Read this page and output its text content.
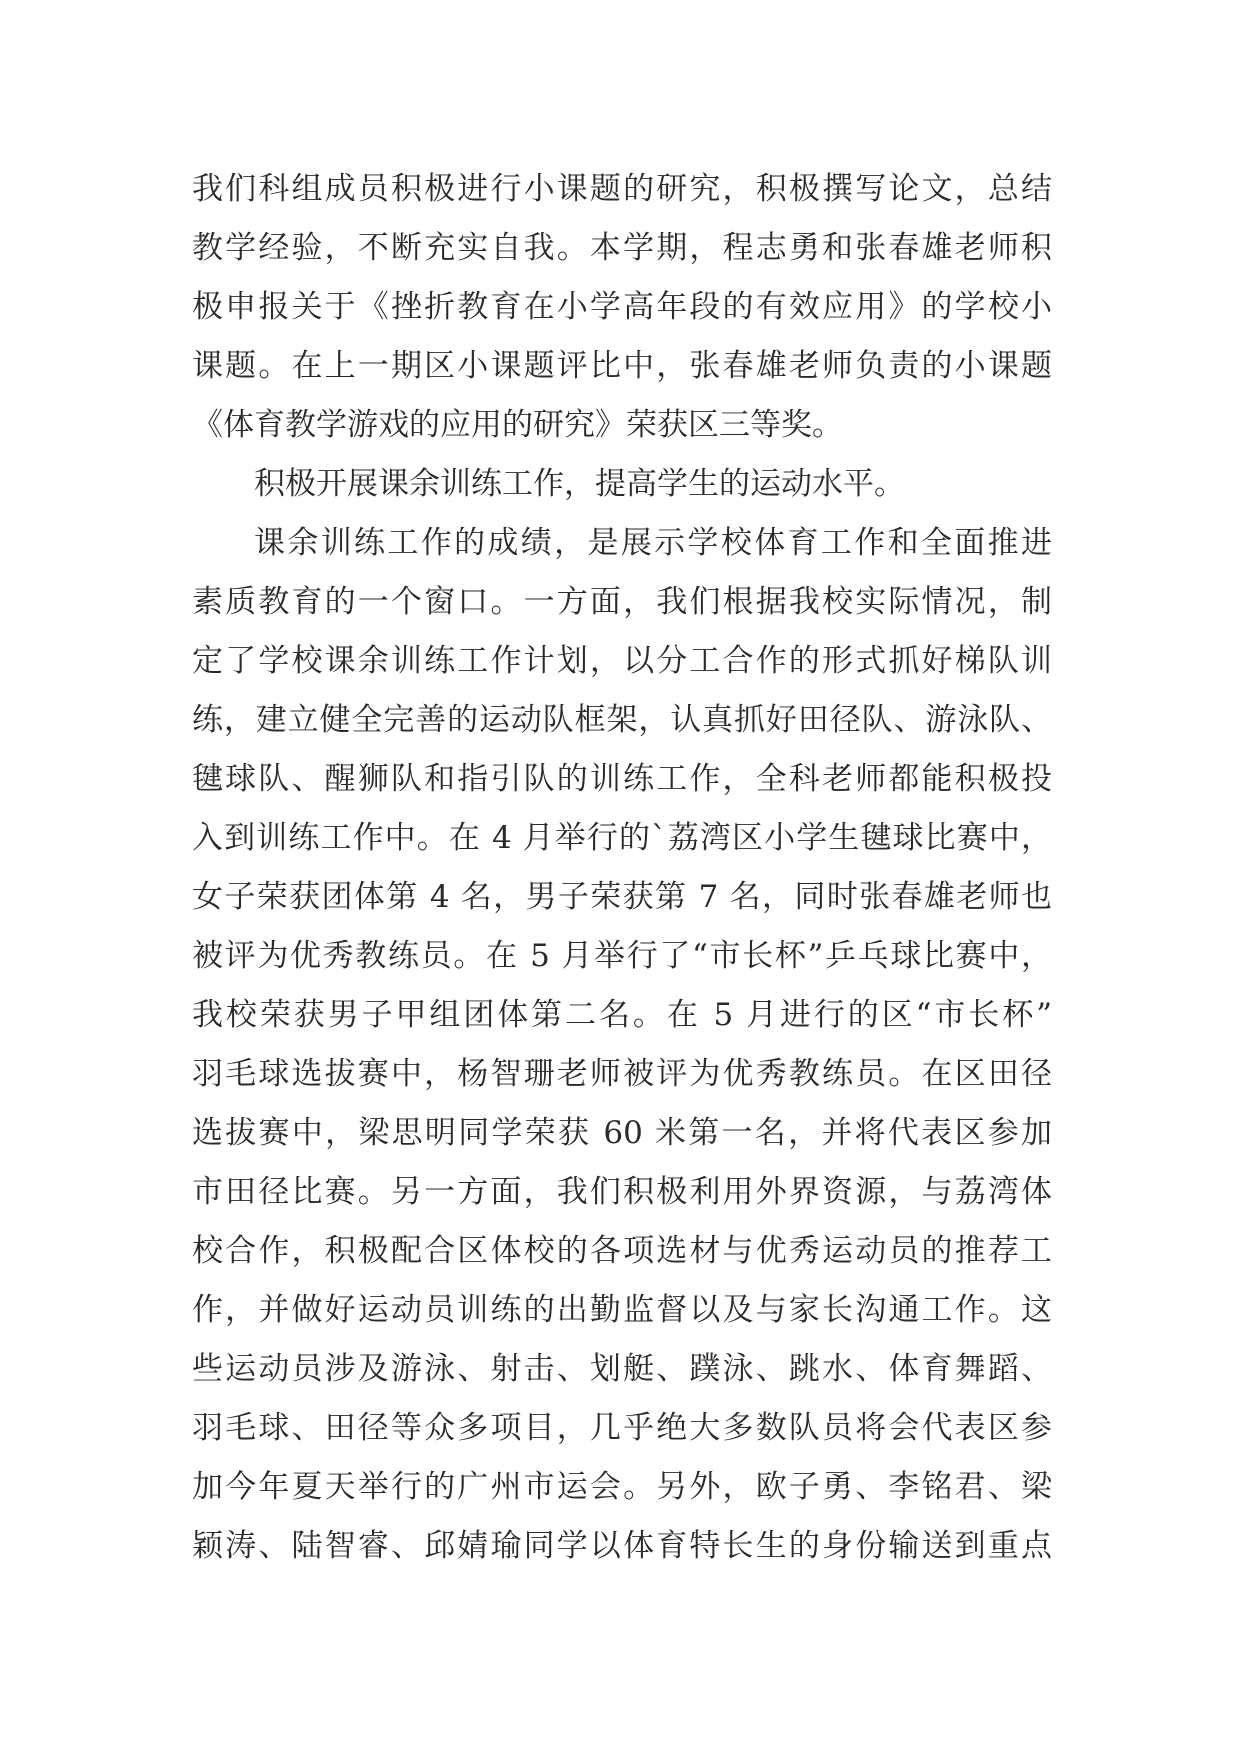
我们科组成员积极进行小课题的研究，积极撰写论文，总结
教学经验，不断充实自我。本学期，程志勇和张春雄老师积
极申报关于《挫折教育在小学高年段的有效应用》的学校小
课题。在上一期区小课题评比中，张春雄老师负责的小课题
《体育教学游戏的应用的研究》荣获区三等奖。
积极开展课余训练工作，提高学生的运动水平。
课余训练工作的成绩，是展示学校体育工作和全面推进
素质教育的一个窗口。一方面，我们根据我校实际情况，制
定了学校课余训练工作计划，以分工合作的形式抓好梯队训
练，建立健全完善的运动队框架，认真抓好田径队、游泳队、
毽球队、醒狮队和指引队的训练工作，全科老师都能积极投
入到训练工作中。在 4 月举行的`荔湾区小学生毽球比赛中，
女子荣获团体第 4 名，男子荣获第 7 名，同时张春雄老师也
被评为优秀教练员。在 5 月举行了“市长杯”乒乓球比赛中，
我校荣获男子甲组团体第二名。在 5 月进行的区“市长杯”
羽毛球选拔赛中，杨智珊老师被评为优秀教练员。在区田径
选拔赛中，梁思明同学荣获 60 米第一名，并将代表区参加
市田径比赛。另一方面，我们积极利用外界资源，与荔湾体
校合作，积极配合区体校的各项选材与优秀运动员的推荐工
作，并做好运动员训练的出勤监督以及与家长沟通工作。这
些运动员涉及游泳、射击、划艇、蹼泳、跳水、体育舞蹈、
羽毛球、田径等众多项目，几乎绝大多数队员将会代表区参
加今年夏天举行的广州市运会。另外，欧子勇、李铭君、梁
颖涛、陆智睿、邱婧瑜同学以体育特长生的身份输送到重点
